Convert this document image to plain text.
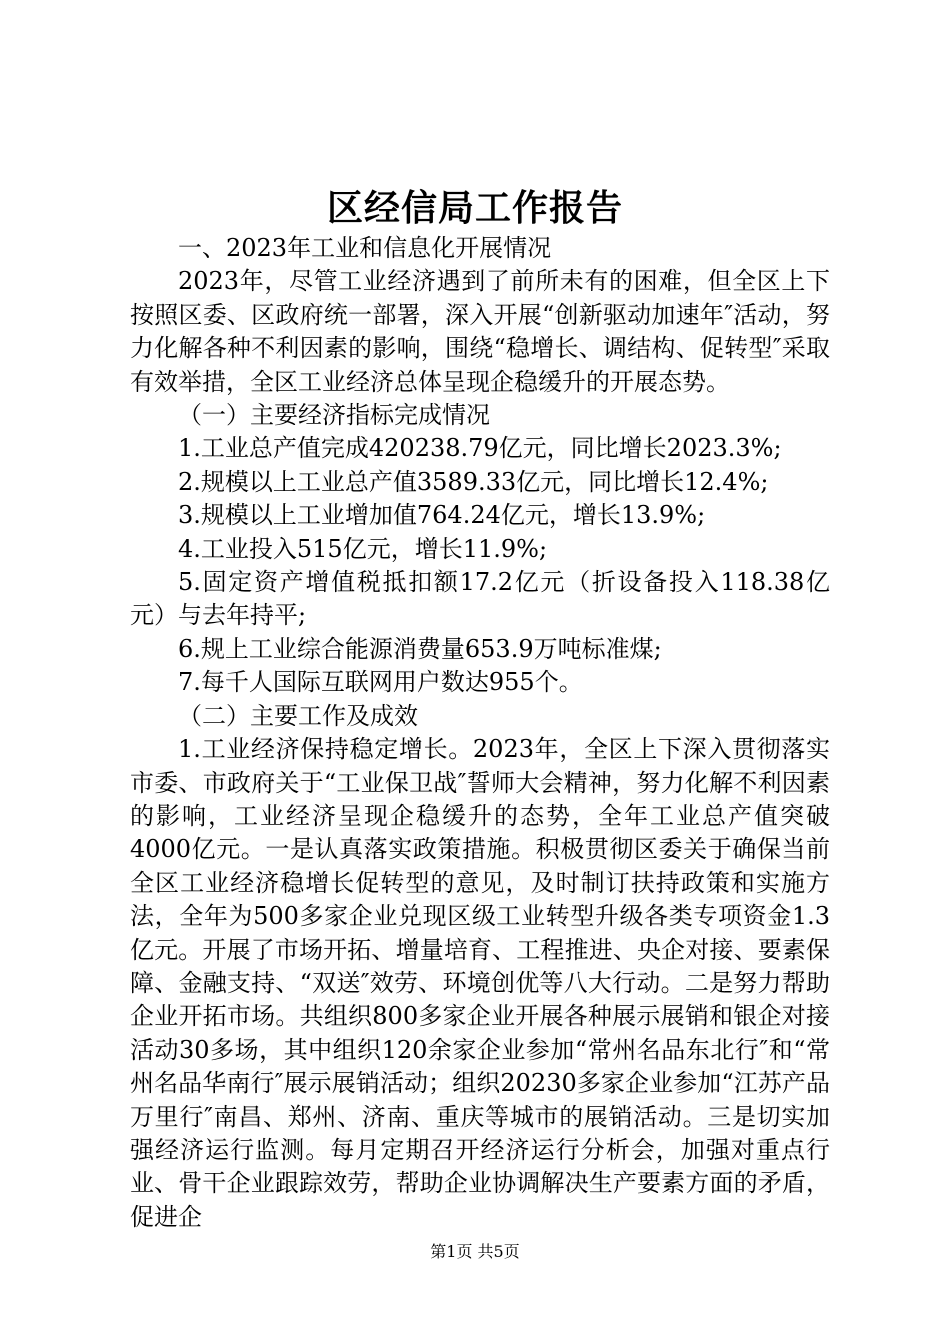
区经信局工作报告

一、2023年工业和信息化开展情况

2023年，尽管工业经济遇到了前所未有的困难，但全区上下按照区委、区政府统一部署，深入开展“创新驱动加速年″活动，努力化解各种不利因素的影响，围绕“稳增长、调结构、促转型″采取有效举措，全区工业经济总体呈现企稳缓升的开展态势。

（一）主要经济指标完成情况

1.工业总产值完成420238.79亿元，同比增长2023.3%;

2.规模以上工业总产值3589.33亿元，同比增长12.4%;

3.规模以上工业增加值764.24亿元，增长13.9%;

4.工业投入515亿元，增长11.9%;

5.固定资产增值税抵扣额17.2亿元（折设备投入118.38亿元）与去年持平;

6.规上工业综合能源消费量653.9万吨标准煤;

7.每千人国际互联网用户数达955个。

（二）主要工作及成效

1.工业经济保持稳定增长。2023年，全区上下深入贯彻落实市委、市政府关于“工业保卫战″誓师大会精神，努力化解不利因素的影响，工业经济呈现企稳缓升的态势，全年工业总产值突破4000亿元。一是认真落实政策措施。积极贯彻区委关于确保当前全区工业经济稳增长促转型的意见，及时制订扶持政策和实施方法，全年为500多家企业兑现区级工业转型升级各类专项资金1.3亿元。开展了市场开拓、增量培育、工程推进、央企对接、要素保障、金融支持、“双送″效劳、环境创优等八大行动。二是努力帮助企业开拓市场。共组织800多家企业开展各种展示展销和银企对接活动30多场，其中组织120余家企业参加“常州名品东北行″和“常州名品华南行″展示展销活动；组织20230多家企业参加“江苏产品万里行″南昌、郑州、济南、重庆等城市的展销活动。三是切实加强经济运行监测。每月定期召开经济运行分析会，加强对重点行业、骨干企业跟踪效劳，帮助企业协调解决生产要素方面的矛盾，促进企

第1页 共5页
